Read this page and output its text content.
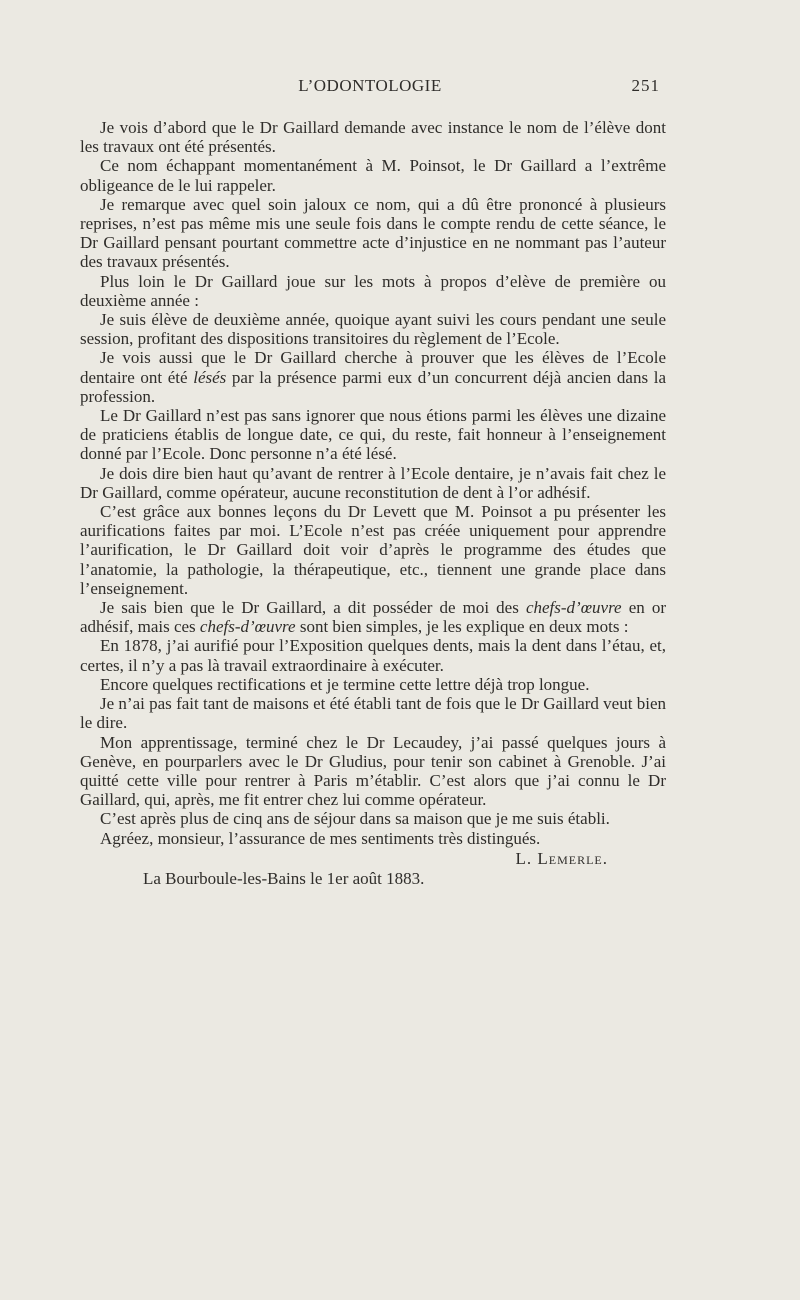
L’ODONTOLOGIE	251

Je vois d’abord que le Dr Gaillard demande avec instance le nom de l’élève dont les travaux ont été présentés.

Ce nom échappant momentanément à M. Poinsot, le Dr Gaillard a l’extrême obligeance de le lui rappeler.

Je remarque avec quel soin jaloux ce nom, qui a dû être prononcé à plusieurs reprises, n’est pas même mis une seule fois dans le compte rendu de cette séance, le Dr Gaillard pensant pourtant commettre acte d’injustice en ne nommant pas l’auteur des travaux présentés.

Plus loin le Dr Gaillard joue sur les mots à propos d’elève de première ou deuxième année :

Je suis élève de deuxième année, quoique ayant suivi les cours pendant une seule session, profitant des dispositions transitoires du règlement de l’Ecole.

Je vois aussi que le Dr Gaillard cherche à prouver que les élèves de l’Ecole dentaire ont été lésés par la présence parmi eux d’un concurrent déjà ancien dans la profession.

Le Dr Gaillard n’est pas sans ignorer que nous étions parmi les élèves une dizaine de praticiens établis de longue date, ce qui, du reste, fait honneur à l’enseignement donné par l’Ecole. Donc personne n’a été lésé.

Je dois dire bien haut qu’avant de rentrer à l’Ecole dentaire, je n’avais fait chez le Dr Gaillard, comme opérateur, aucune reconstitution de dent à l’or adhésif.

C’est grâce aux bonnes leçons du Dr Levett que M. Poinsot a pu présenter les aurifications faites par moi. L’Ecole n’est pas créée uniquement pour apprendre l’aurification, le Dr Gaillard doit voir d’après le programme des études que l’anatomie, la pathologie, la thérapeutique, etc., tiennent une grande place dans l’enseignement.

Je sais bien que le Dr Gaillard, a dit posséder de moi des chefs-d’œuvre en or adhésif, mais ces chefs-d’œuvre sont bien simples, je les explique en deux mots :

En 1878, j’ai aurifié pour l’Exposition quelques dents, mais la dent dans l’étau, et, certes, il n’y a pas là travail extraordinaire à exécuter.

Encore quelques rectifications et je termine cette lettre déjà trop longue.

Je n’ai pas fait tant de maisons et été établi tant de fois que le Dr Gaillard veut bien le dire.

Mon apprentissage, terminé chez le Dr Lecaudey, j’ai passé quelques jours à Genève, en pourparlers avec le Dr Gludius, pour tenir son cabinet à Grenoble. J’ai quitté cette ville pour rentrer à Paris m’établir. C’est alors que j’ai connu le Dr Gaillard, qui, après, me fit entrer chez lui comme opérateur.

C’est après plus de cinq ans de séjour dans sa maison que je me suis établi.

Agréez, monsieur, l’assurance de mes sentiments très distingués.

L. Lemerle.
La Bourboule-les-Bains le 1er août 1883.
